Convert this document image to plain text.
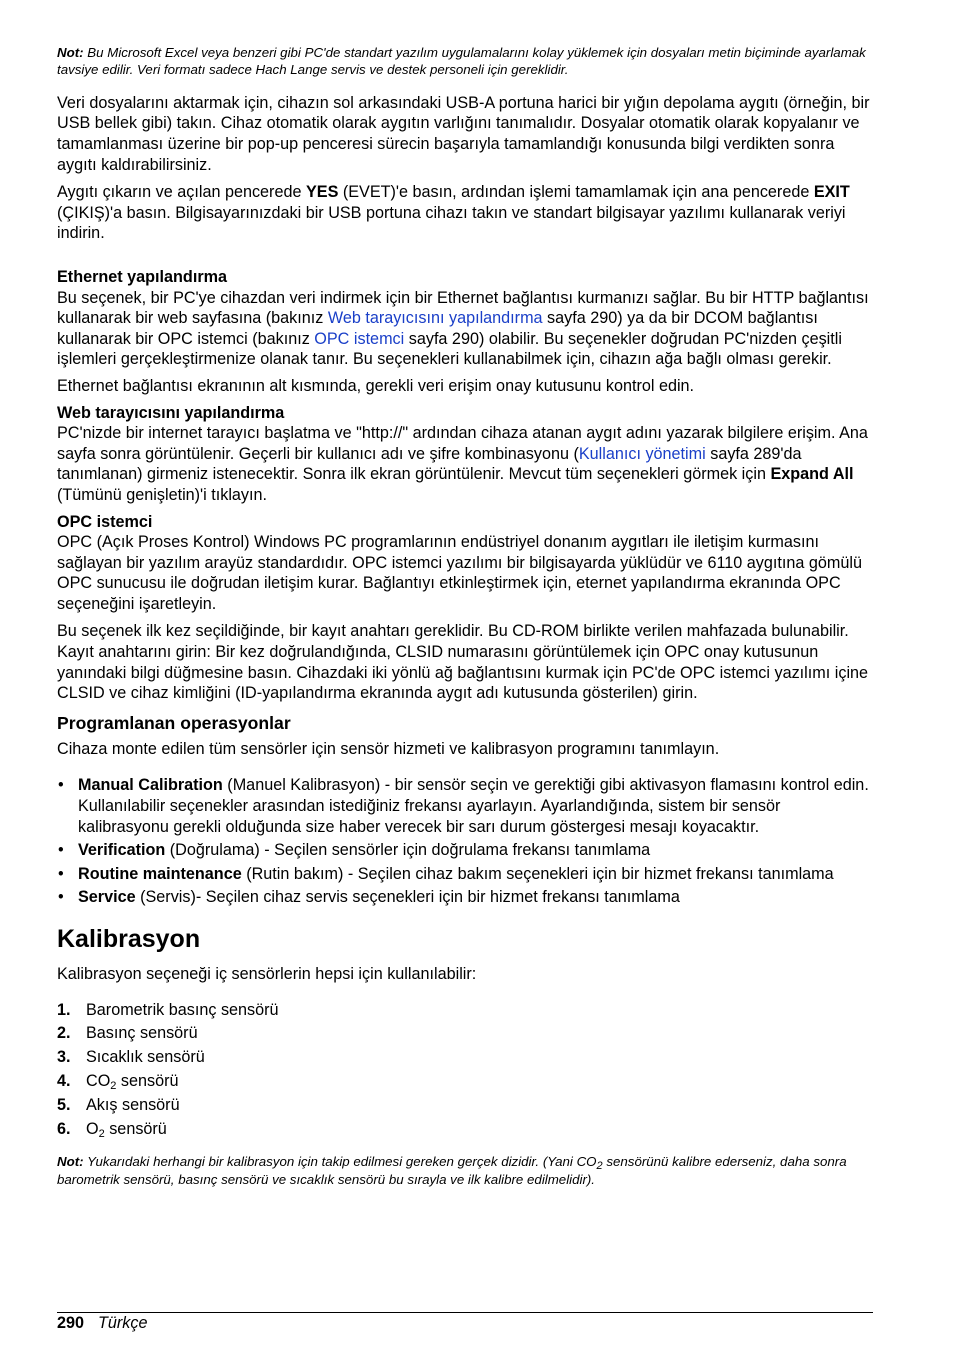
Not: Bu Microsoft Excel veya benzeri gibi PC'de standart yazılım uygulamalarını kolay yüklemek için dosyaları metin biçiminde ayarlamak tavsiye edilir. Veri formatı sadece Hach Lange servis ve destek personeli için gereklidir.

Veri dosyalarını aktarmak için, cihazın sol arkasındaki USB-A portuna harici bir yığın depolama aygıtı (örneğin, bir USB bellek gibi) takın. Cihaz otomatik olarak aygıtın varlığını tanımalıdır. Dosyalar otomatik olarak kopyalanır ve tamamlanması üzerine bir pop-up penceresi sürecin başarıyla tamamlandığı konusunda bilgi verdikten sonra aygıtı kaldırabilirsiniz.

Aygıtı çıkarın ve açılan pencerede YES (EVET)'e basın, ardından işlemi tamamlamak için ana pencerede EXIT (ÇIKIŞ)'a basın. Bilgisayarınızdaki bir USB portuna cihazı takın ve standart bilgisayar yazılımı kullanarak veriyi indirin.

Ethernet yapılandırma

Bu seçenek, bir PC'ye cihazdan veri indirmek için bir Ethernet bağlantısı kurmanızı sağlar. Bu bir HTTP bağlantısı kullanarak bir web sayfasına (bakınız Web tarayıcısını yapılandırma sayfa 290) ya da bir DCOM bağlantısı kullanarak bir OPC istemci (bakınız OPC istemci sayfa 290) olabilir. Bu seçenekler doğrudan PC'nizden çeşitli işlemleri gerçekleştirmenize olanak tanır. Bu seçenekleri kullanabilmek için, cihazın ağa bağlı olması gerekir.

Ethernet bağlantısı ekranının alt kısmında, gerekli veri erişim onay kutusunu kontrol edin.

Web tarayıcısını yapılandırma

PC'nizde bir internet tarayıcı başlatma ve "http://" ardından cihaza atanan aygıt adını yazarak bilgilere erişim. Ana sayfa sonra görüntülenir. Geçerli bir kullanıcı adı ve şifre kombinasyonu (Kullanıcı yönetimi sayfa 289'da tanımlanan) girmeniz istenecektir. Sonra ilk ekran görüntülenir. Mevcut tüm seçenekleri görmek için Expand All (Tümünü genişletin)'i tıklayın.

OPC istemci

OPC (Açık Proses Kontrol) Windows PC programlarının endüstriyel donanım aygıtları ile iletişim kurmasını sağlayan bir yazılım arayüz standardıdır. OPC istemci yazılımı bir bilgisayarda yüklüdür ve 6110 aygıtına gömülü OPC sunucusu ile doğrudan iletişim kurar. Bağlantıyı etkinleştirmek için, eternet yapılandırma ekranında OPC seçeneğini işaretleyin.

Bu seçenek ilk kez seçildiğinde, bir kayıt anahtarı gereklidir. Bu CD-ROM birlikte verilen mahfazada bulunabilir. Kayıt anahtarını girin: Bir kez doğrulandığında, CLSID numarasını görüntülemek için OPC onay kutusunun yanındaki bilgi düğmesine basın. Cihazdaki iki yönlü ağ bağlantısını kurmak için PC'de OPC istemci yazılımı içine CLSID ve cihaz kimliğini (ID-yapılandırma ekranında aygıt adı kutusunda gösterilen) girin.

Programlanan operasyonlar

Cihaza monte edilen tüm sensörler için sensör hizmeti ve kalibrasyon programını tanımlayın.

• Manual Calibration (Manuel Kalibrasyon) - bir sensör seçin ve gerektiği gibi aktivasyon flamasını kontrol edin. Kullanılabilir seçenekler arasından istediğiniz frekansı ayarlayın. Ayarlandığında, sistem bir sensör kalibrasyonu gerekli olduğunda size haber verecek bir sarı durum göstergesi mesajı koyacaktır.
• Verification (Doğrulama) - Seçilen sensörler için doğrulama frekansı tanımlama
• Routine maintenance (Rutin bakım) - Seçilen cihaz bakım seçenekleri için bir hizmet frekansı tanımlama
• Service (Servis)- Seçilen cihaz servis seçenekleri için bir hizmet frekansı tanımlama

Kalibrasyon

Kalibrasyon seçeneği iç sensörlerin hepsi için kullanılabilir:

1. Barometrik basınç sensörü
2. Basınç sensörü
3. Sıcaklık sensörü
4. $CO_2$ sensörü
5. Akış sensörü
6. $O_2$ sensörü

Not: Yukarıdaki herhangi bir kalibrasyon için takip edilmesi gereken gerçek dizidir. (Yani $CO_2$ sensörünü kalibre ederseniz, daha sonra barometrik sensörü, basınç sensörü ve sıcaklık sensörü bu sırayla ve ilk kalibre edilmelidir).

290 Türkçe
